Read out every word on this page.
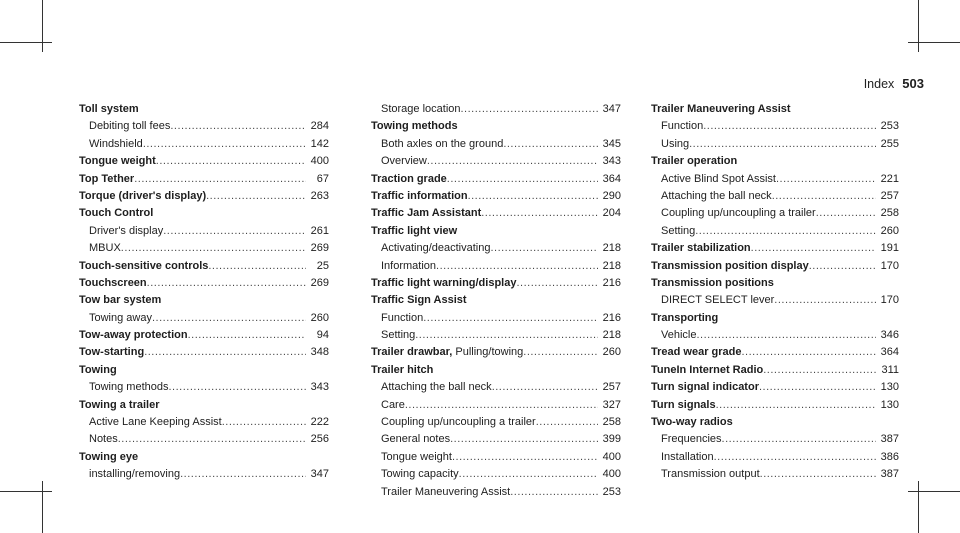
Index 503
Toll system
Debiting toll fees .....	284
Windshield .....	142
Tongue weight .....	400
Top Tether .....	67
Torque (driver's display) .....	263
Touch Control
Driver's display .....	261
MBUX .....	269
Touch-sensitive controls .....	25
Touchscreen .....	269
Tow bar system
Towing away .....	260
Tow-away protection .....	94
Tow-starting .....	348
Towing
Towing methods .....	343
Towing a trailer
Active Lane Keeping Assist .....	222
Notes .....	256
Towing eye
installing/removing .....	347
Storage location .....	347
Towing methods
Both axles on the ground .....	345
Overview .....	343
Traction grade .....	364
Traffic information .....	290
Traffic Jam Assistant .....	204
Traffic light view
Activating/deactivating .....	218
Information .....	218
Traffic light warning/display .....	216
Traffic Sign Assist
Function .....	216
Setting .....	218
Trailer drawbar, Pulling/towing .....	260
Trailer hitch
Attaching the ball neck .....	257
Care .....	327
Coupling up/uncoupling a trailer .....	258
General notes .....	399
Tongue weight .....	400
Towing capacity .....	400
Trailer Maneuvering Assist .....	253
Trailer Maneuvering Assist
Function .....	253
Using .....	255
Trailer operation
Active Blind Spot Assist .....	221
Attaching the ball neck .....	257
Coupling up/uncoupling a trailer .....	258
Setting .....	260
Trailer stabilization .....	191
Transmission position display .....	170
Transmission positions
DIRECT SELECT lever .....	170
Transporting
Vehicle .....	346
Tread wear grade .....	364
TuneIn Internet Radio .....	311
Turn signal indicator .....	130
Turn signals .....	130
Two-way radios
Frequencies .....	387
Installation .....	386
Transmission output .....	387
